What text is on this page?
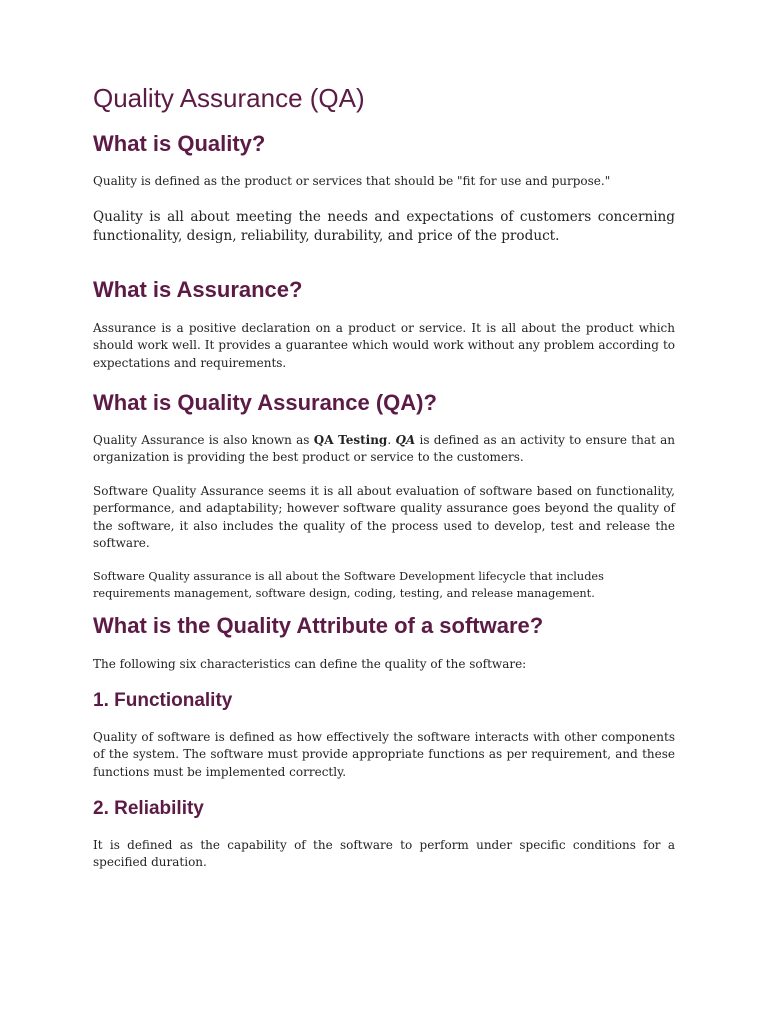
Quality Assurance (QA)
What is Quality?

Quality is defined as the product or services that should be "fit for use and purpose."

Quality is all about meeting the needs and expectations of customers concerning functionality, design, reliability, durability, and price of the product.

What is Assurance?

Assurance is a positive declaration on a product or service. It is all about the product which should work well. It provides a guarantee which would work without any problem according to expectations and requirements.

What is Quality Assurance (QA)?

Quality Assurance is also known as QA Testing. QA is defined as an activity to ensure that an organization is providing the best product or service to the customers.

Software Quality Assurance seems it is all about evaluation of software based on functionality, performance, and adaptability; however software quality assurance goes beyond the quality of the software, it also includes the quality of the process used to develop, test and release the software.

Software Quality assurance is all about the Software Development lifecycle that includes requirements management, software design, coding, testing, and release management.

What is the Quality Attribute of a software?

The following six characteristics can define the quality of the software:

1. Functionality

Quality of software is defined as how effectively the software interacts with other components of the system. The software must provide appropriate functions as per requirement, and these functions must be implemented correctly.

2. Reliability

It is defined as the capability of the software to perform under specific conditions for a specified duration.
